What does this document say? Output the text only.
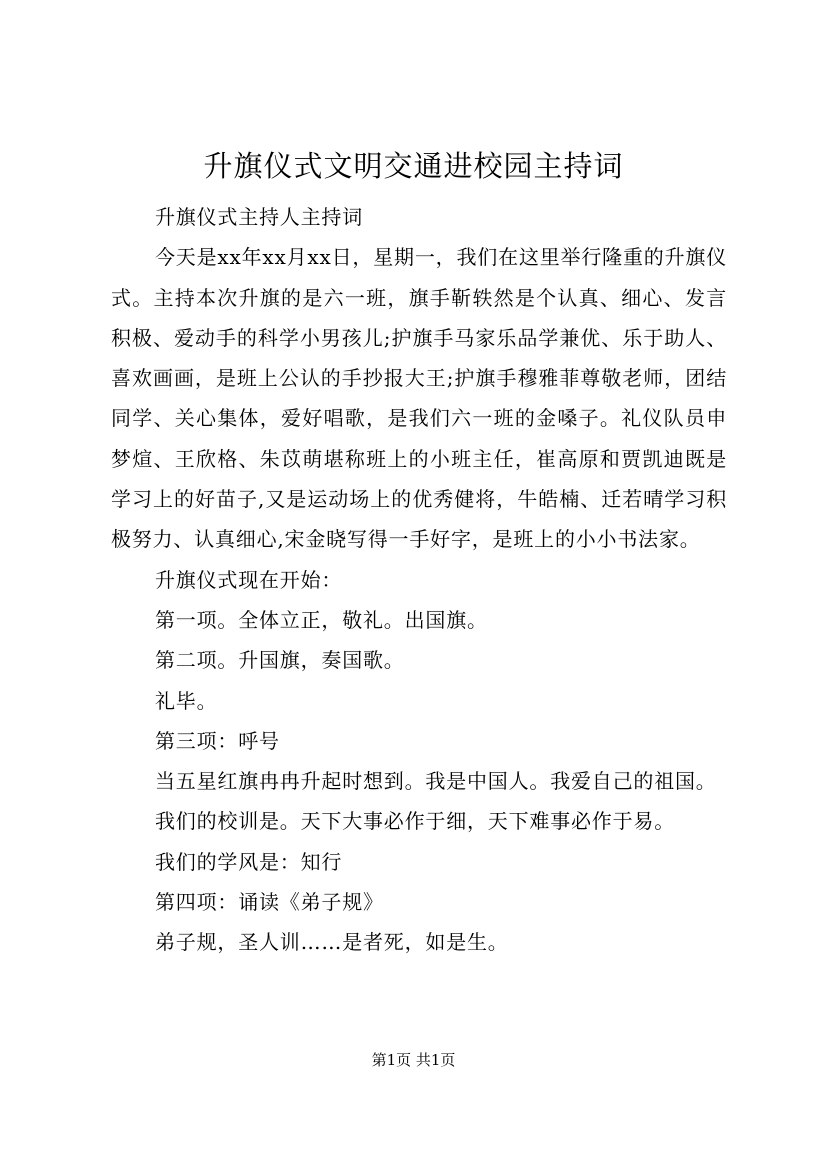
升旗仪式文明交通进校园主持词

升旗仪式主持人主持词

今天是xx年xx月xx日，星期一，我们在这里举行隆重的升旗仪式。主持本次升旗的是六一班，旗手靳轶然是个认真、细心、发言积极、爱动手的科学小男孩儿;护旗手马家乐品学兼优、乐于助人、喜欢画画，是班上公认的手抄报大王;护旗手穆雅菲尊敬老师，团结同学、关心集体，爱好唱歌，是我们六一班的金嗓子。礼仪队员申梦煊、王欣格、朱苡萌堪称班上的小班主任，崔高原和贾凯迪既是学习上的好苗子,又是运动场上的优秀健将，牛皓楠、迁若晴学习积极努力、认真细心,宋金晓写得一手好字，是班上的小小书法家。

升旗仪式现在开始：

第一项。全体立正，敬礼。出国旗。

第二项。升国旗，奏国歌。

礼毕。

第三项：呼号

当五星红旗冉冉升起时想到。我是中国人。我爱自己的祖国。

我们的校训是。天下大事必作于细，天下难事必作于易。

我们的学风是：知行

第四项：诵读《弟子规》

弟子规，圣人训……是者死，如是生。

第1页 共1页
